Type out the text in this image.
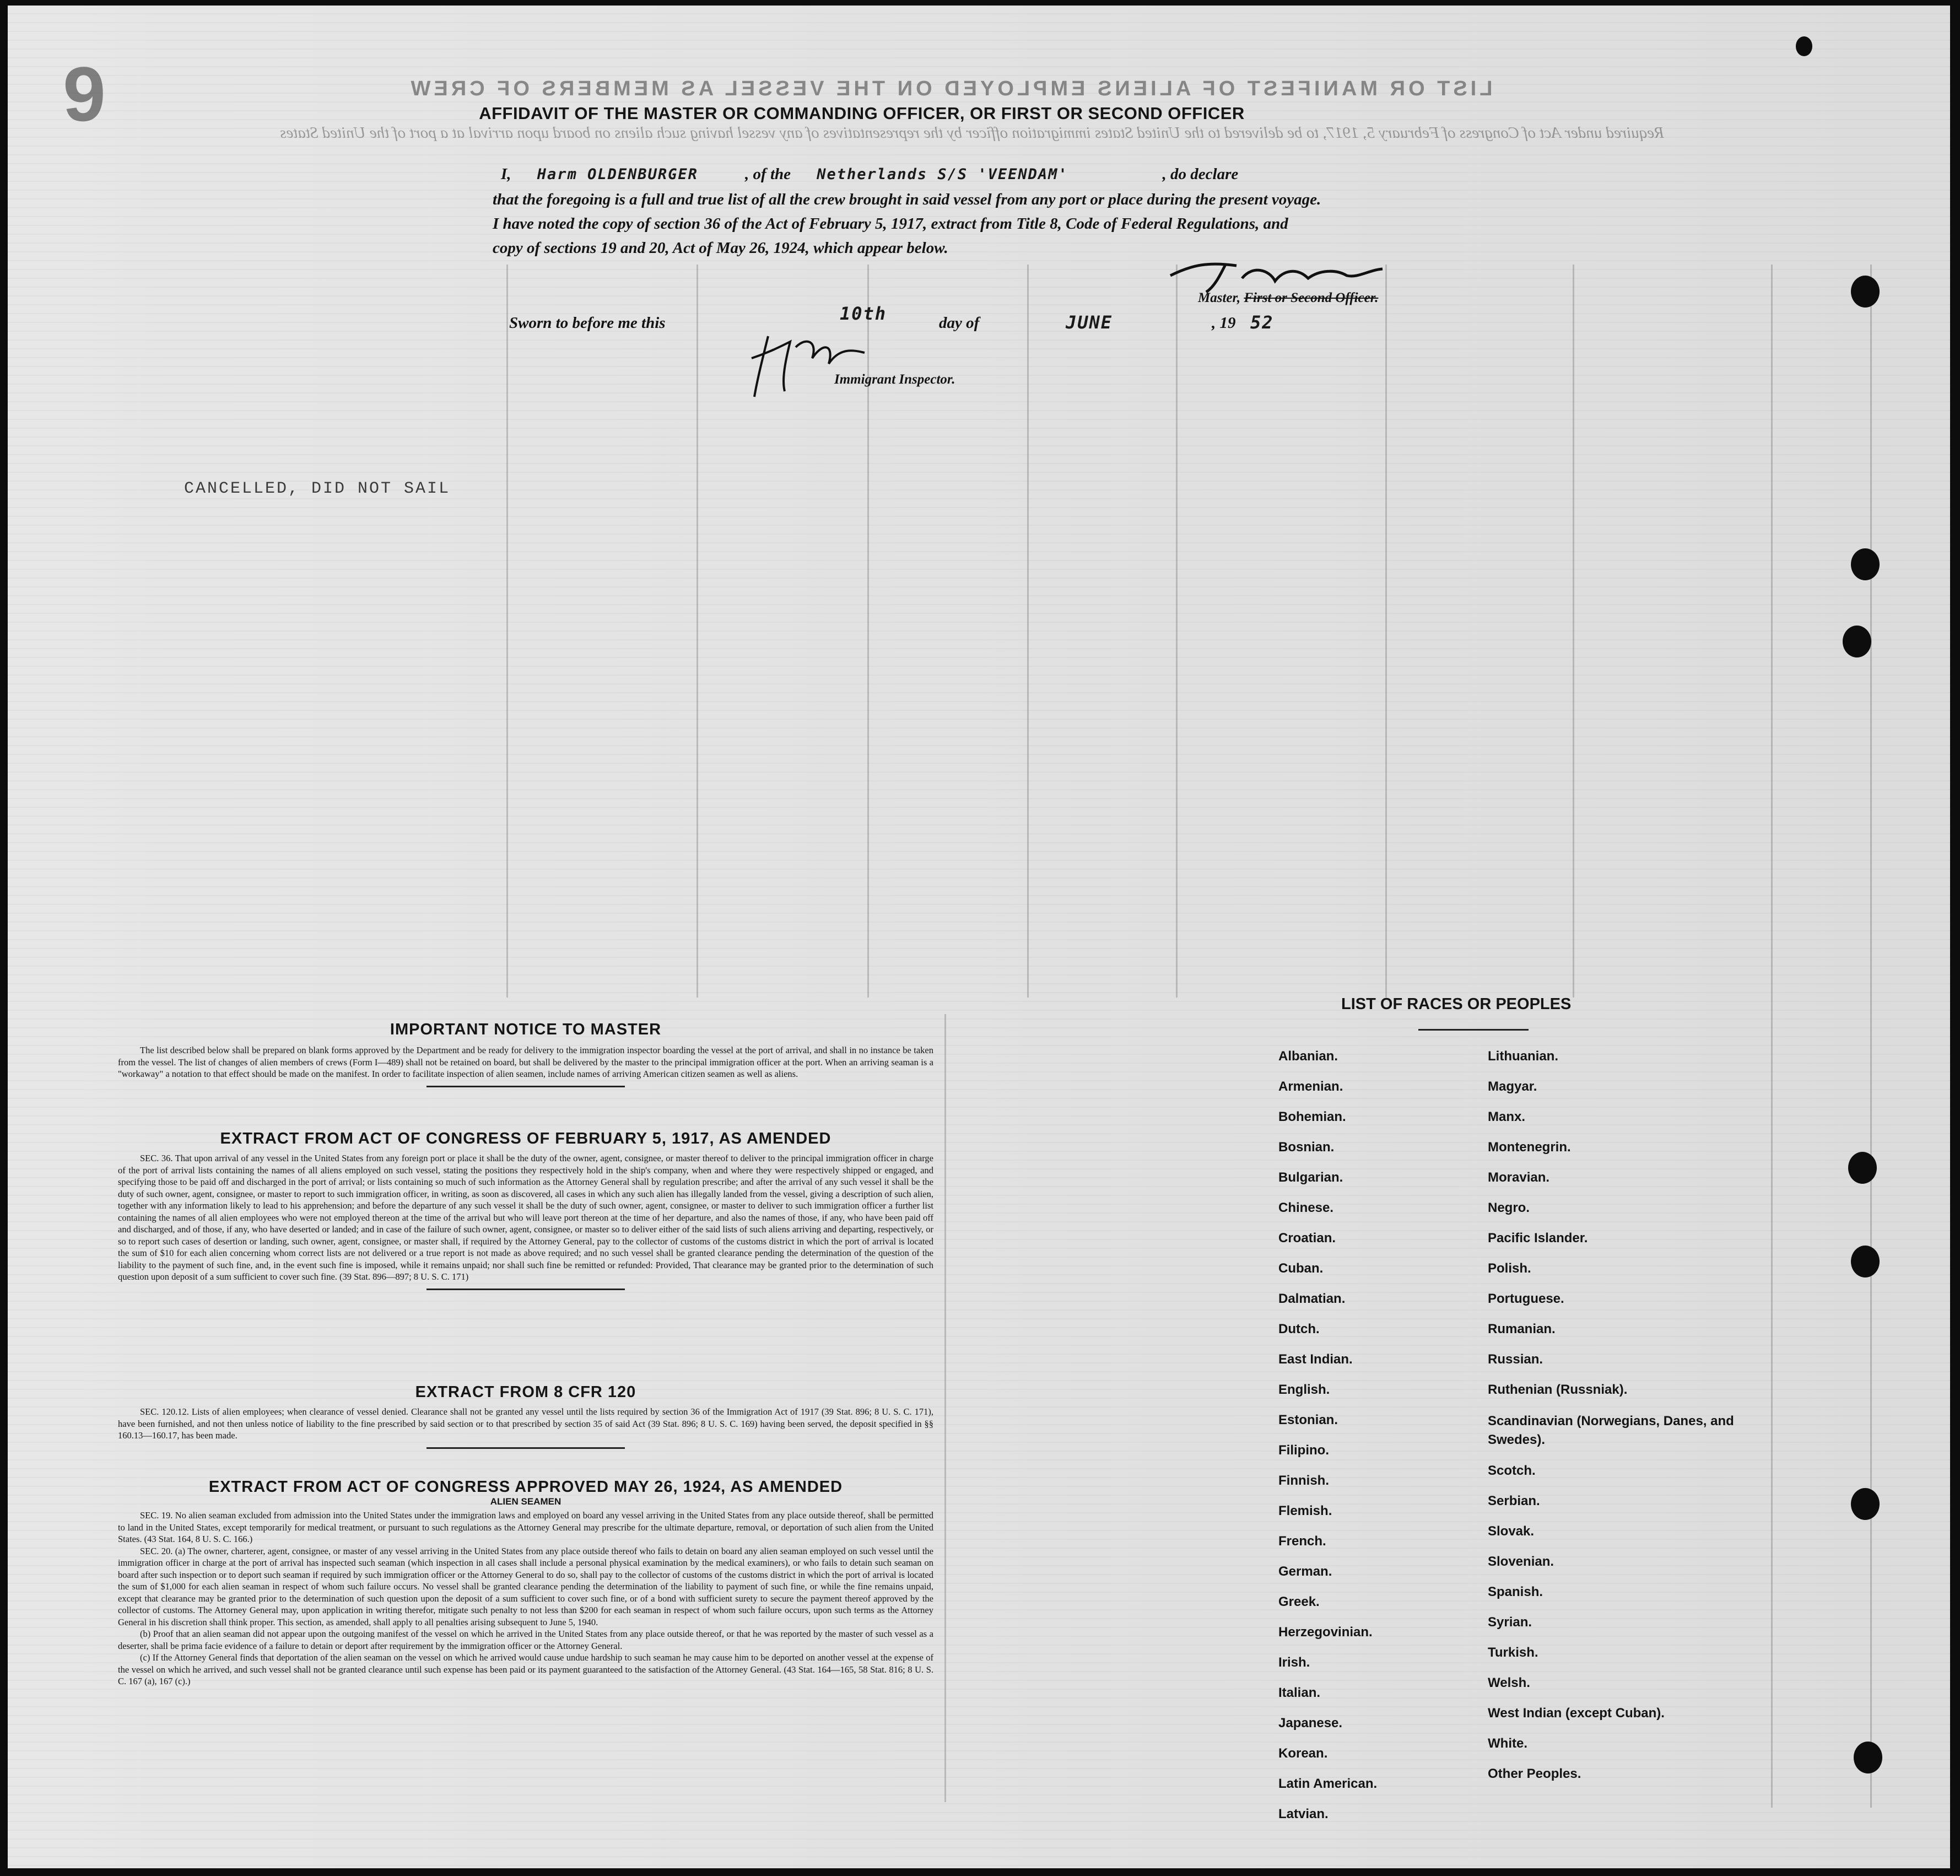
LIST OR MANIFEST OF ALIENS EMPLOYED ON THE VESSEL AS MEMBERS OF CREW
Required under Act of Congress of February 5, 1917, to be delivered to the United States immigration officer by the representatives of any vessel having such aliens on board upon arrival at a port of the United States
9	AFFIDAVIT OF THE MASTER OR COMMANDING OFFICER, OR FIRST OR SECOND OFFICER
I, Harm OLDENBURGER	, of the Netherlands S/S 'VEENDAM'	, do declare
that the foregoing is a full and true list of all the crew brought in said vessel from any port or place during the present voyage.
I have noted the copy of section 36 of the Act of February 5, 1917, extract from Title 8, Code of Federal Regulations, and
copy of sections 19 and 20, Act of May 26, 1924, which appear below.
Master, First or Second Officer.
Sworn to before me this	10th	day of	JUNE	, 19 52
Immigrant Inspector.
CANCELLED, DID NOT SAIL
IMPORTANT NOTICE TO MASTER

The list described below shall be prepared on blank forms approved by the Department and be ready for delivery to the immigration inspector boarding the vessel at the port of arrival, and shall in no instance be taken from the vessel. The list of changes of alien members of crews (Form I—489) shall not be retained on board, but shall be delivered by the master to the principal immigration officer at the port. When an arriving seaman is a "workaway" a notation to that effect should be made on the manifest. In order to facilitate inspection of alien seamen, include names of arriving American citizen seamen as well as aliens.

EXTRACT FROM ACT OF CONGRESS OF FEBRUARY 5, 1917, AS AMENDED

SEC. 36. That upon arrival of any vessel in the United States from any foreign port or place it shall be the duty of the owner, agent, consignee, or master thereof to deliver to the principal immigration officer in charge of the port of arrival lists containing the names of all aliens employed on such vessel, stating the positions they respectively hold in the ship's company, when and where they were respectively shipped or engaged, and specifying those to be paid off and discharged in the port of arrival; or lists containing so much of such information as the Attorney General shall by regulation prescribe; and after the arrival of any such vessel it shall be the duty of such owner, agent, consignee, or master to report to such immigration officer, in writing, as soon as discovered, all cases in which any such alien has illegally landed from the vessel, giving a description of such alien, together with any information likely to lead to his apprehension; and before the departure of any such vessel it shall be the duty of such owner, agent, consignee, or master to deliver to such immigration officer a further list containing the names of all alien employees who were not employed thereon at the time of the arrival but who will leave port thereon at the time of her departure, and also the names of those, if any, who have been paid off and discharged, and of those, if any, who have deserted or landed; and in case of the failure of such owner, agent, consignee, or master so to deliver either of the said lists of such aliens arriving and departing, respectively, or so to report such cases of desertion or landing, such owner, agent, consignee, or master shall, if required by the Attorney General, pay to the collector of customs of the customs district in which the port of arrival is located the sum of $10 for each alien concerning whom correct lists are not delivered or a true report is not made as above required; and no such vessel shall be granted clearance pending the determination of the question of the liability to the payment of such fine, and, in the event such fine is imposed, while it remains unpaid; nor shall such fine be remitted or refunded: Provided, That clearance may be granted prior to the determination of such question upon deposit of a sum sufficient to cover such fine. (39 Stat. 896—897; 8 U. S. C. 171)

EXTRACT FROM 8 CFR 120

SEC. 120.12. Lists of alien employees; when clearance of vessel denied. Clearance shall not be granted any vessel until the lists required by section 36 of the Immigration Act of 1917 (39 Stat. 896; 8 U. S. C. 171), have been furnished, and not then unless notice of liability to the fine prescribed by said section or to that prescribed by section 35 of said Act (39 Stat. 896; 8 U. S. C. 169) having been served, the deposit specified in §§ 160.13—160.17, has been made.

EXTRACT FROM ACT OF CONGRESS APPROVED MAY 26, 1924, AS AMENDED
ALIEN SEAMEN

SEC. 19. No alien seaman excluded from admission into the United States under the immigration laws and employed on board any vessel arriving in the United States from any place outside thereof, shall be permitted to land in the United States, except temporarily for medical treatment, or pursuant to such regulations as the Attorney General may prescribe for the ultimate departure, removal, or deportation of such alien from the United States. (43 Stat. 164, 8 U. S. C. 166.)

SEC. 20. (a) The owner, charterer, agent, consignee, or master of any vessel arriving in the United States from any place outside thereof who fails to detain on board any alien seaman employed on such vessel until the immigration officer in charge at the port of arrival has inspected such seaman (which inspection in all cases shall include a personal physical examination by the medical examiners), or who fails to detain such seaman on board after such inspection or to deport such seaman if required by such immigration officer or the Attorney General to do so, shall pay to the collector of customs of the customs district in which the port of arrival is located the sum of $1,000 for each alien seaman in respect of whom such failure occurs. No vessel shall be granted clearance pending the determination of the liability to payment of such fine, or while the fine remains unpaid, except that clearance may be granted prior to the determination of such question upon the deposit of a sum sufficient to cover such fine, or of a bond with sufficient surety to secure the payment thereof approved by the collector of customs. The Attorney General may, upon application in writing therefor, mitigate such penalty to not less than $200 for each seaman in respect of whom such failure occurs, upon such terms as the Attorney General in his discretion shall think proper. This section, as amended, shall apply to all penalties arising subsequent to June 5, 1940.

(b) Proof that an alien seaman did not appear upon the outgoing manifest of the vessel on which he arrived in the United States from any place outside thereof, or that he was reported by the master of such vessel as a deserter, shall be prima facie evidence of a failure to detain or deport after requirement by the immigration officer or the Attorney General.

(c) If the Attorney General finds that deportation of the alien seaman on the vessel on which he arrived would cause undue hardship to such seaman he may cause him to be deported on another vessel at the expense of the vessel on which he arrived, and such vessel shall not be granted clearance until such expense has been paid or its payment guaranteed to the satisfaction of the Attorney General. (43 Stat. 164—165, 58 Stat. 816; 8 U. S. C. 167 (a), 167 (c).)

LIST OF RACES OR PEOPLES
Albanian.
Armenian.
Bohemian.
Bosnian.
Bulgarian.
Chinese.
Croatian.
Cuban.
Dalmatian.
Dutch.
East Indian.
English.
Estonian.
Filipino.
Finnish.
Flemish.
French.
German.
Greek.
Herzegovinian.
Irish.
Italian.
Japanese.
Korean.
Latin American.
Latvian.
Lithuanian.
Magyar.
Manx.
Montenegrin.
Moravian.
Negro.
Pacific Islander.
Polish.
Portuguese.
Rumanian.
Russian.
Ruthenian (Russniak).
Scandinavian (Norwegians, Danes, and Swedes).
Scotch.
Serbian.
Slovak.
Slovenian.
Spanish.
Syrian.
Turkish.
Welsh.
West Indian (except Cuban).
White.
Other Peoples.
